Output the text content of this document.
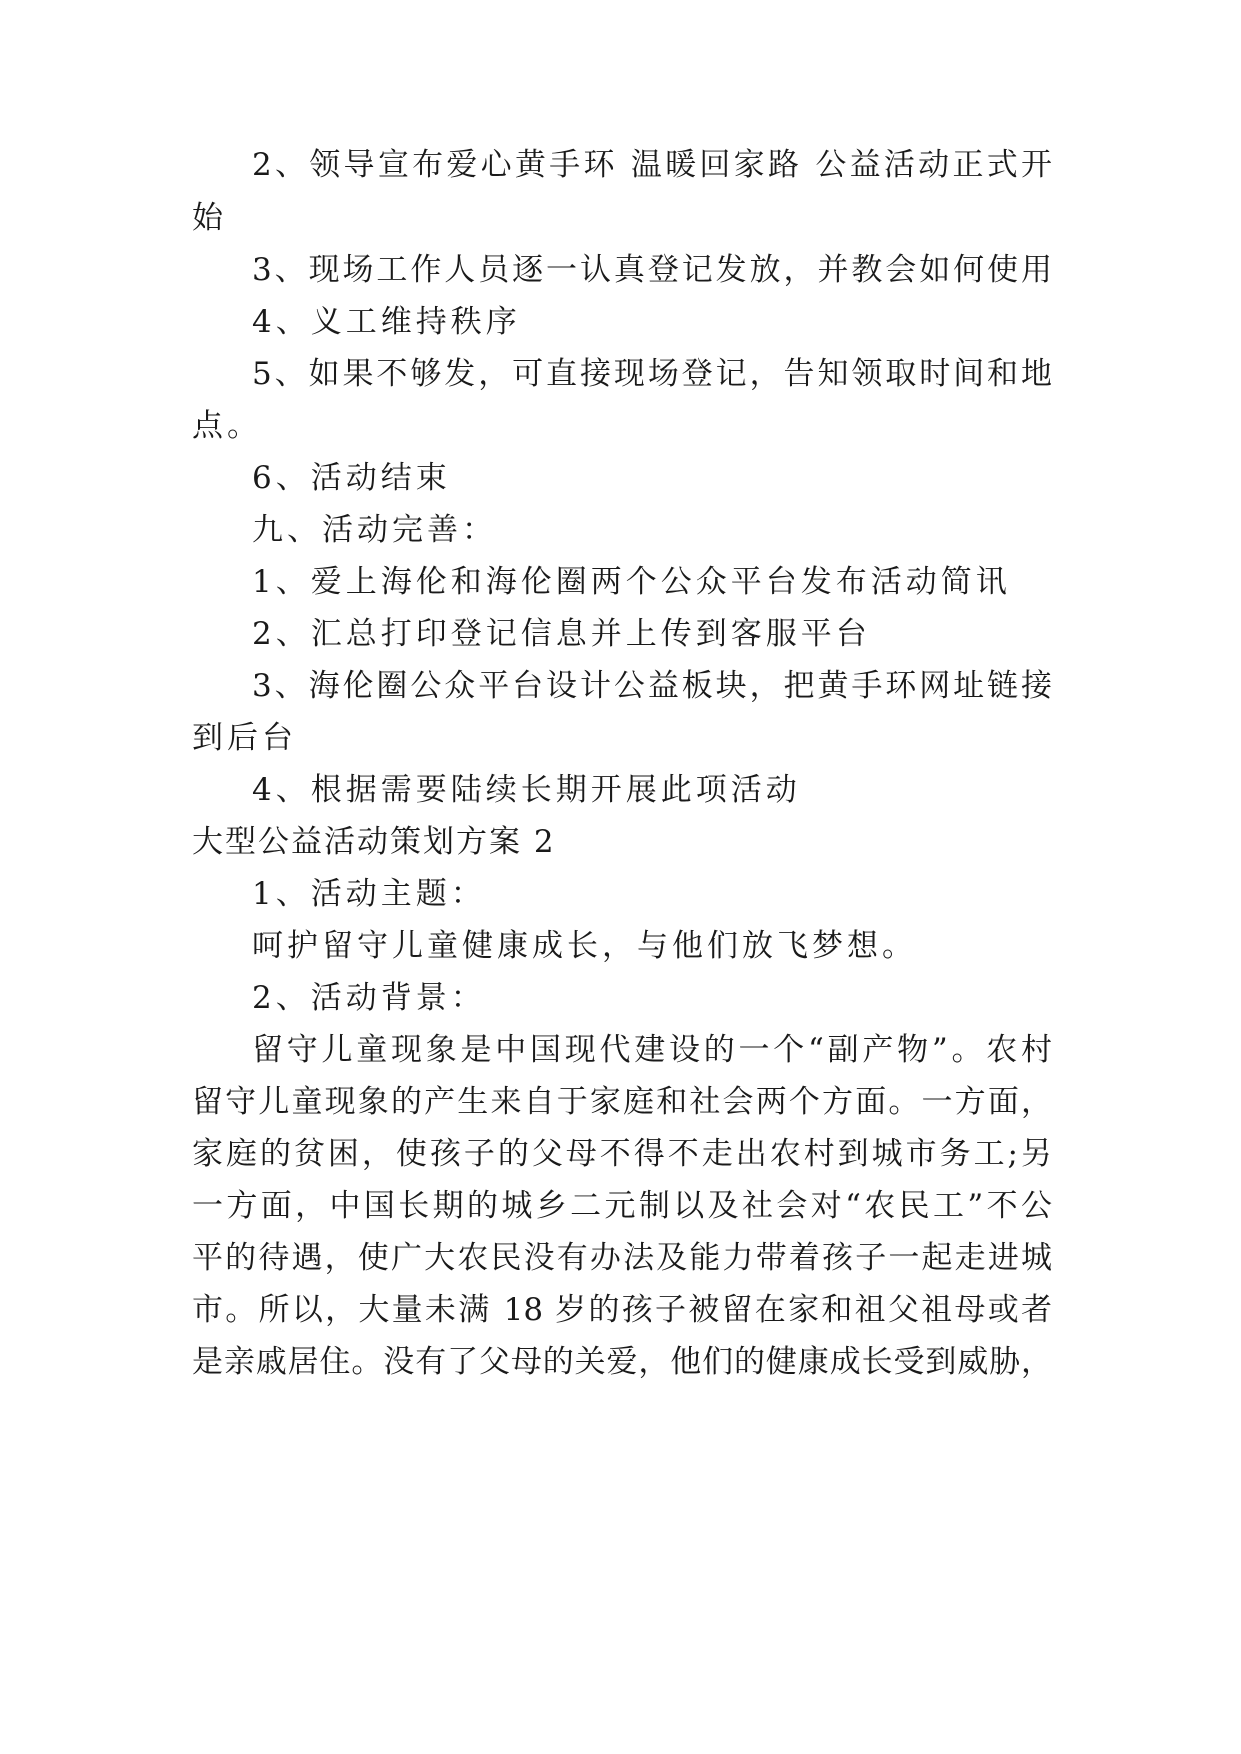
2、领导宣布爱心黄手环 温暖回家路 公益活动正式开
始
3、现场工作人员逐一认真登记发放，并教会如何使用
4、义工维持秩序
5、如果不够发，可直接现场登记，告知领取时间和地
点。
6、活动结束
九、活动完善：
1、爱上海伦和海伦圈两个公众平台发布活动简讯
2、汇总打印登记信息并上传到客服平台
3、海伦圈公众平台设计公益板块，把黄手环网址链接
到后台
4、根据需要陆续长期开展此项活动
大型公益活动策划方案 2
1、活动主题：
呵护留守儿童健康成长，与他们放飞梦想。
2、活动背景：
留守儿童现象是中国现代建设的一个“副产物”。农村
留守儿童现象的产生来自于家庭和社会两个方面。一方面，
家庭的贫困，使孩子的父母不得不走出农村到城市务工;另
一方面，中国长期的城乡二元制以及社会对“农民工”不公
平的待遇，使广大农民没有办法及能力带着孩子一起走进城
市。所以，大量未满 18 岁的孩子被留在家和祖父祖母或者
是亲戚居住。没有了父母的关爱，他们的健康成长受到威胁，
